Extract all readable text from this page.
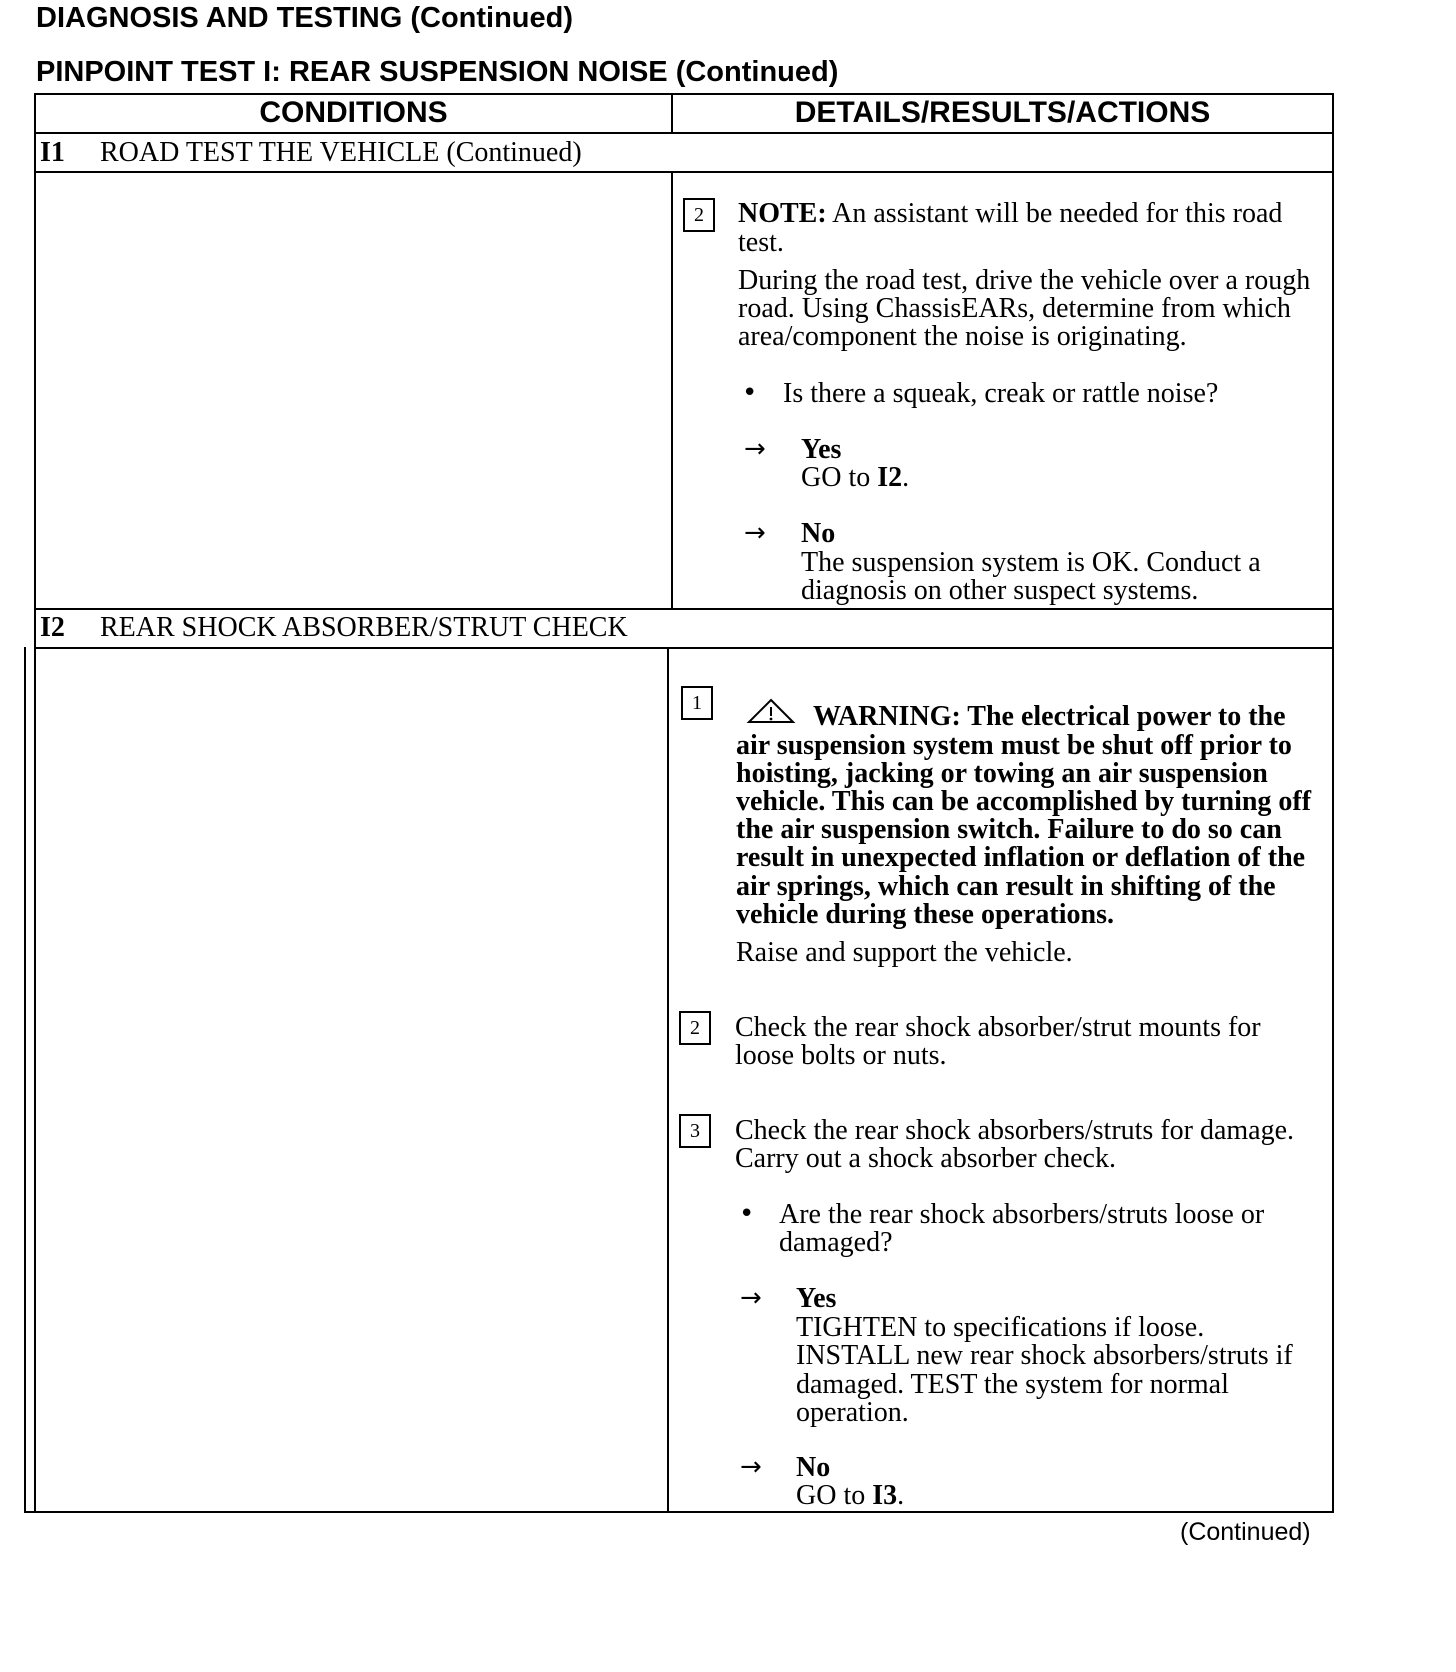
DIAGNOSIS AND TESTING (Continued)
PINPOINT TEST I: REAR SUSPENSION NOISE (Continued)
CONDITIONS	DETAILS/RESULTS/ACTIONS
I1 ROAD TEST THE VEHICLE (Continued)
2	NOTE: An assistant will be needed for this road
test.
During the road test, drive the vehicle over a rough
road. Using ChassisEARs, determine from which
area/component the noise is originating.
• Is there a squeak, creak or rattle noise?
→ Yes
GO to I2.
→ No
The suspension system is OK. Conduct a
diagnosis on other suspect systems.
I2 REAR SHOCK ABSORBER/STRUT CHECK
1	WARNING: The electrical power to the
air suspension system must be shut off prior to
hoisting, jacking or towing an air suspension
vehicle. This can be accomplished by turning off
the air suspension switch. Failure to do so can
result in unexpected inflation or deflation of the
air springs, which can result in shifting of the
vehicle during these operations.
Raise and support the vehicle.
2	Check the rear shock absorber/strut mounts for
loose bolts or nuts.
3	Check the rear shock absorbers/struts for damage.
Carry out a shock absorber check.
• Are the rear shock absorbers/struts loose or
damaged?
→ Yes
TIGHTEN to specifications if loose.
INSTALL new rear shock absorbers/struts if
damaged. TEST the system for normal
operation.
→ No
GO to I3.
(Continued)
